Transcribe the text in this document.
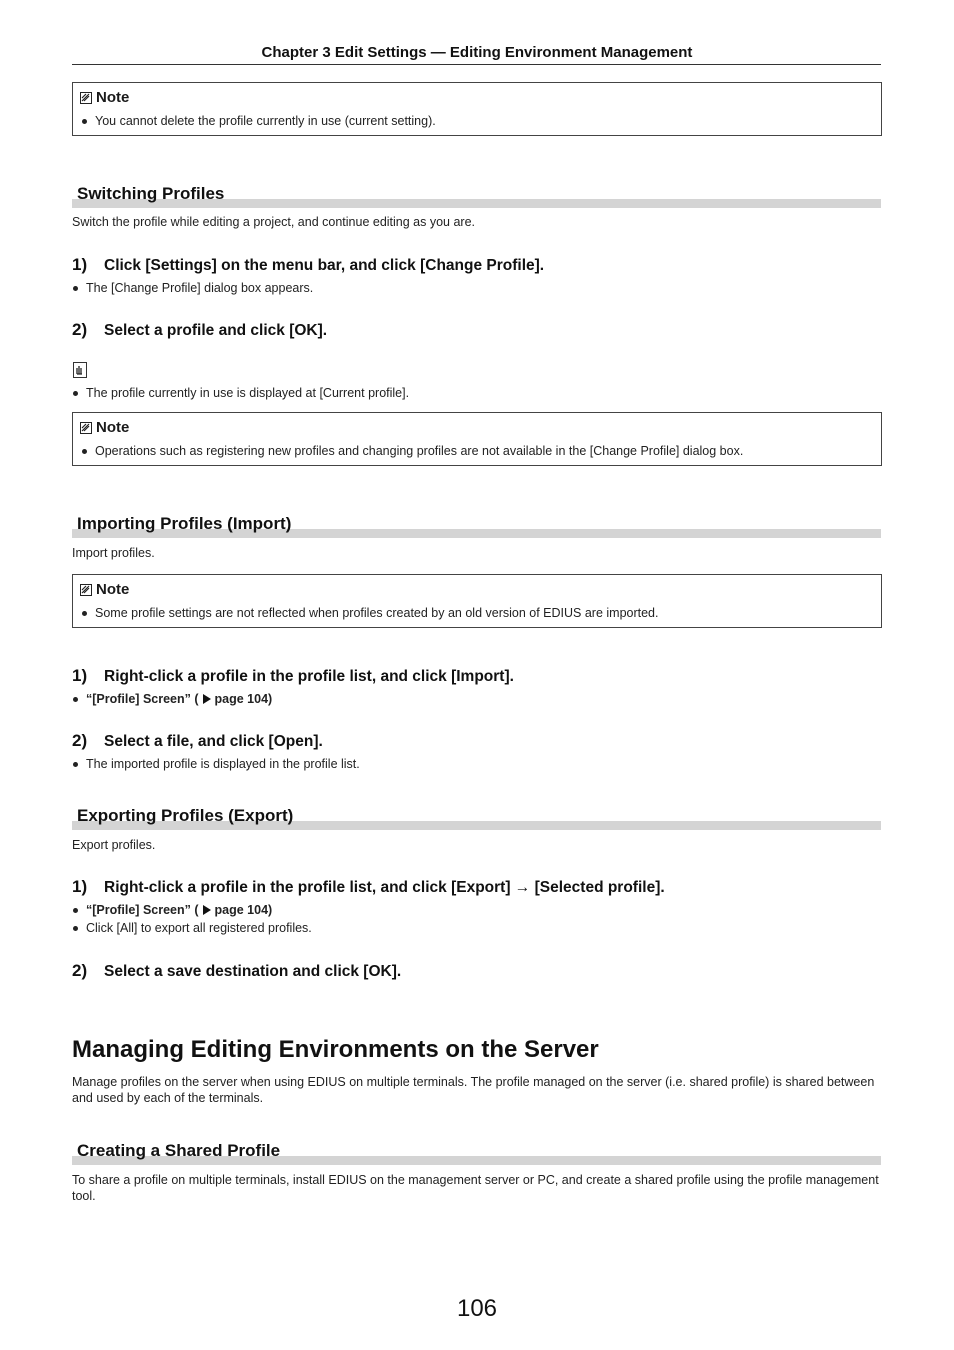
Chapter 3 Edit Settings — Editing Environment Management
Note
You cannot delete the profile currently in use (current setting).
Switching Profiles
Switch the profile while editing a project, and continue editing as you are.
1) Click [Settings] on the menu bar, and click [Change Profile].
The [Change Profile] dialog box appears.
2) Select a profile and click [OK].
The profile currently in use is displayed at [Current profile].
Note
Operations such as registering new profiles and changing profiles are not available in the [Change Profile] dialog box.
Importing Profiles (Import)
Import profiles.
Note
Some profile settings are not reflected when profiles created by an old version of EDIUS are imported.
1) Right-click a profile in the profile list, and click [Import].
“[Profile] Screen” ( page 104)
2) Select a file, and click [Open].
The imported profile is displayed in the profile list.
Exporting Profiles (Export)
Export profiles.
1) Right-click a profile in the profile list, and click [Export] → [Selected profile].
“[Profile] Screen” ( page 104)
Click [All] to export all registered profiles.
2) Select a save destination and click [OK].
Managing Editing Environments on the Server
Manage profiles on the server when using EDIUS on multiple terminals. The profile managed on the server (i.e. shared profile) is shared between and used by each of the terminals.
Creating a Shared Profile
To share a profile on multiple terminals, install EDIUS on the management server or PC, and create a shared profile using the profile management tool.
106
